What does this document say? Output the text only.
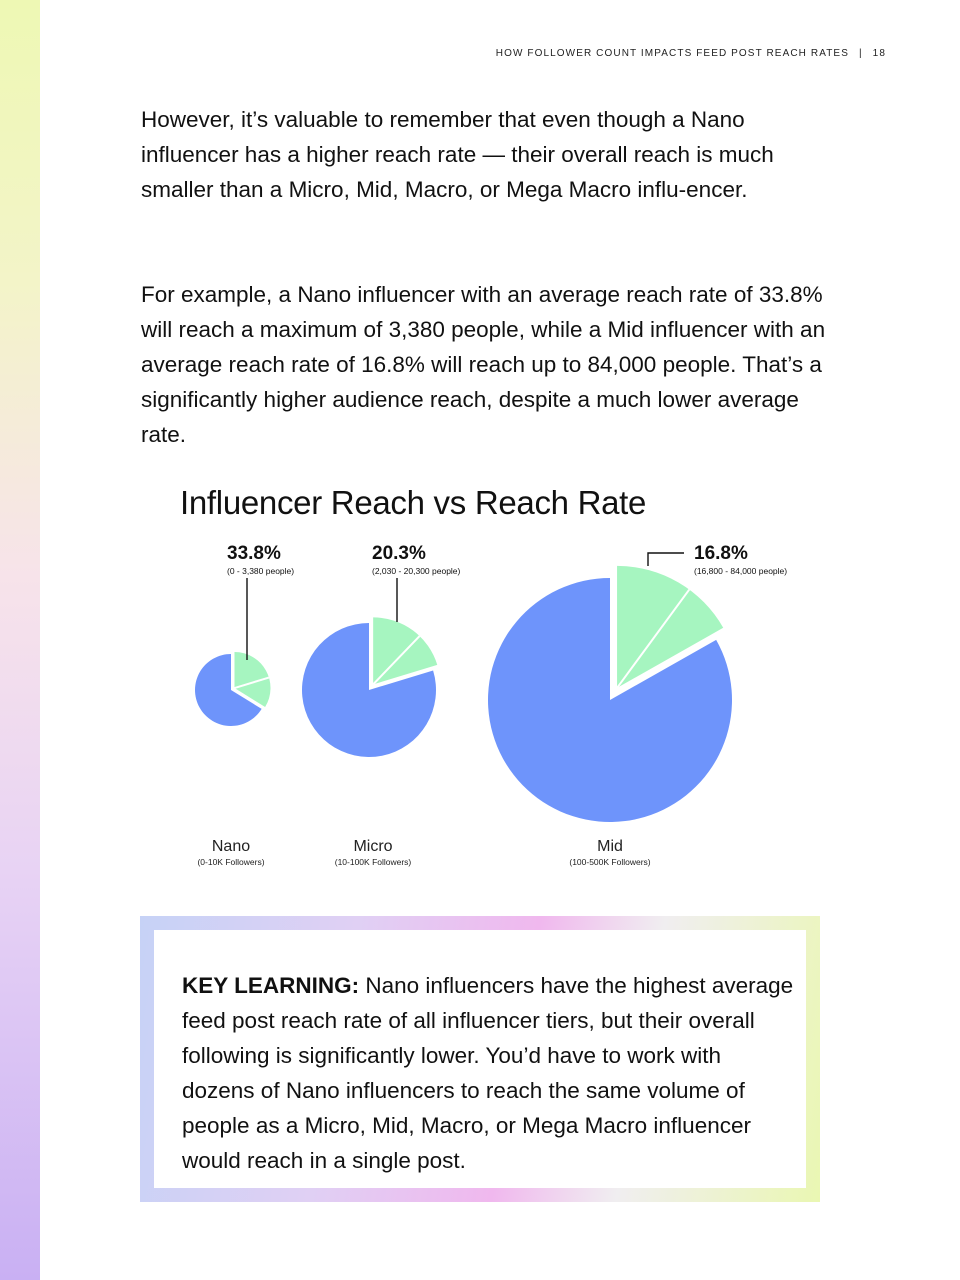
HOW FOLLOWER COUNT IMPACTS FEED POST REACH RATES | 18

However, it’s valuable to remember that even though a Nano influencer has a higher reach rate — their overall reach is much smaller than a Micro, Mid, Macro, or Mega Macro influ-encer.

For example, a Nano influencer with an average reach rate of 33.8% will reach a maximum of 3,380 people, while a Mid influencer with an average reach rate of 16.8% will reach up to 84,000 people. That’s a significantly higher audience reach, despite a much lower average rate.

Influencer Reach vs Reach Rate
33.8%
(0 - 3,380 people)
Nano
(0-10K Followers)
20.3%
(2,030 - 20,300 people)
Micro
(10-100K Followers)
16.8%
(16,800 - 84,000 people)
Mid
(100-500K Followers)

KEY LEARNING: Nano influencers have the highest average feed post reach rate of all influencer tiers, but their overall following is significantly lower. You’d have to work with dozens of Nano influencers to reach the same volume of people as a Micro, Mid, Macro, or Mega Macro influencer would reach in a single post.
